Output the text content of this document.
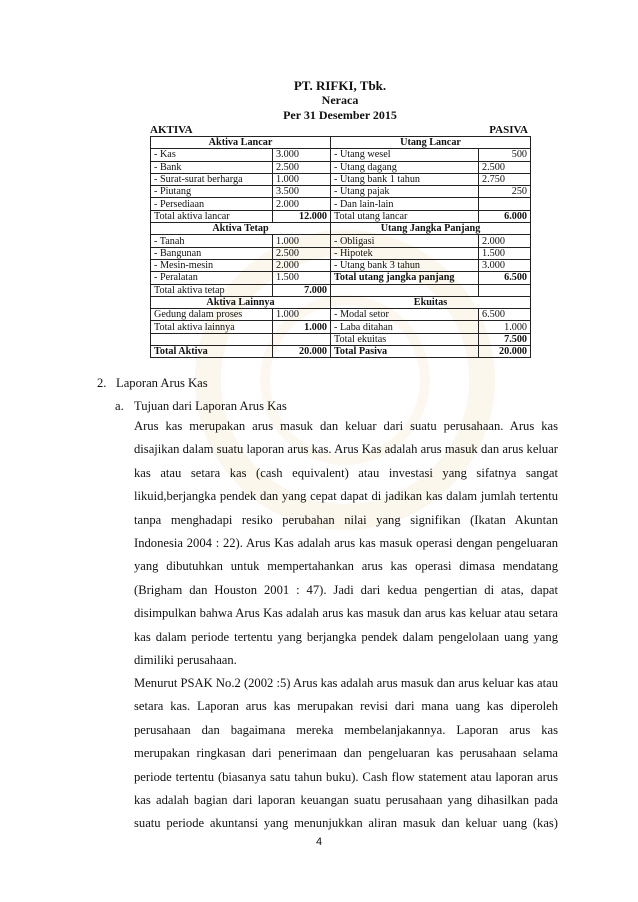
PT. RIFKI, Tbk.
Neraca
Per 31 Desember 2015
AKTIVA	PASIVA
Aktiva Lancar		Utang Lancar	
- Kas	3.000	- Utang wesel	500
- Bank	2.500	- Utang dagang	2.500
- Surat-surat berharga	1.000	- Utang bank 1 tahun	2.750
- Piutang	3.500	- Utang pajak	250
- Persediaan	2.000	- Dan lain-lain	
Total aktiva lancar	12.000	Total utang lancar	6.000
Aktiva Tetap		Utang Jangka Panjang	
- Tanah	1.000	- Obligasi	2.000
- Bangunan	2.500	- Hipotek	1.500
- Mesin-mesin	2.000	- Utang bank 3 tahun	3.000
- Peralatan	1.500	Total utang jangka panjang	6.500
Total aktiva tetap	7.000		
Aktiva Lainnya		Ekuitas	
Gedung dalam proses	1.000	- Modal setor	6.500
Total aktiva lainnya	1.000	- Laba ditahan	1.000
		Total ekuitas	7.500
Total Aktiva	20.000	Total Pasiva	20.000
2. Laporan Arus Kas
a. Tujuan dari Laporan Arus Kas
Arus kas merupakan arus masuk dan keluar dari suatu perusahaan. Arus kas
disajikan dalam suatu laporan arus kas. Arus Kas adalah arus masuk dan arus keluar
kas atau setara kas (cash equivalent) atau investasi yang sifatnya sangat
likuid,berjangka pendek dan yang cepat dapat di jadikan kas dalam jumlah tertentu
tanpa menghadapi resiko perubahan nilai yang signifikan (Ikatan Akuntan
Indonesia 2004 : 22). Arus Kas adalah arus kas masuk operasi dengan pengeluaran
yang dibutuhkan untuk mempertahankan arus kas operasi dimasa mendatang
(Brigham dan Houston 2001 : 47). Jadi dari kedua pengertian di atas, dapat
disimpulkan bahwa Arus Kas adalah arus kas masuk dan arus kas keluar atau setara
kas dalam periode tertentu yang berjangka pendek dalam pengelolaan uang yang
dimiliki perusahaan.
Menurut PSAK No.2 (2002 :5) Arus kas adalah arus masuk dan arus keluar kas atau
setara kas. Laporan arus kas merupakan revisi dari mana uang kas diperoleh
perusahaan dan bagaimana mereka membelanjakannya. Laporan arus kas
merupakan ringkasan dari penerimaan dan pengeluaran kas perusahaan selama
periode tertentu (biasanya satu tahun buku). Cash flow statement atau laporan arus
kas adalah bagian dari laporan keuangan suatu perusahaan yang dihasilkan pada
suatu periode akuntansi yang menunjukkan aliran masuk dan keluar uang (kas)
4
